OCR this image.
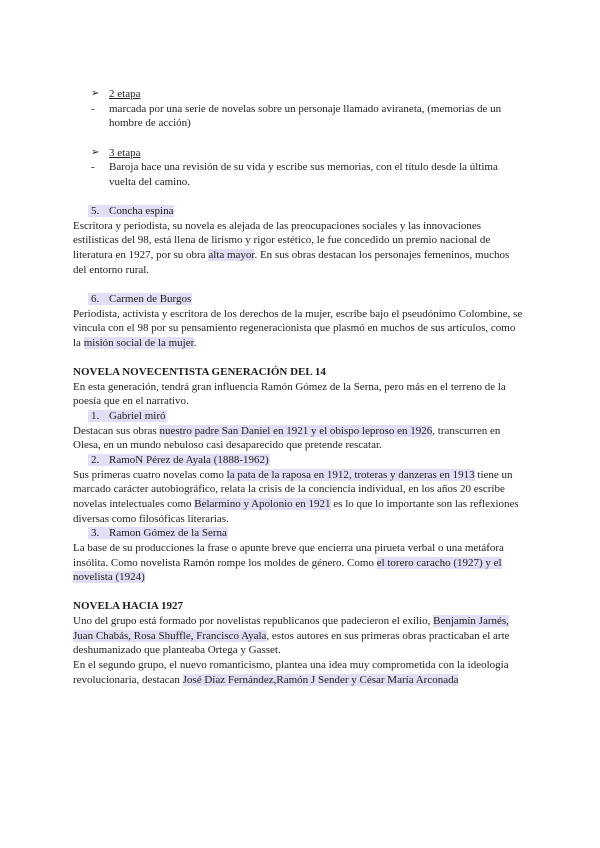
➢ 2 etapa
- marcada por una serie de novelas sobre un personaje llamado aviraneta, (memorias de un
hombre de acción)
➢ 3 etapa
- Baroja hace una revisión de su vida y escribe sus memorias, con el título desde la última
vuelta del camino.
5. Concha espina
Escritora y periodista, su novela es alejada de las preocupaciones sociales y las innovaciones
estilísticas del 98, está llena de lirismo y rigor estético, le fue concedido un premio nacional de
literatura en 1927, por su obra alta mayor. En sus obras destacan los personajes femeninos, muchos
del entorno rural.
6. Carmen de Burgos
Periodista, activista y escritora de los derechos de la mujer, escribe bajo el pseudónimo Colombine, se
vincula con el 98 por su pensamiento regeneracionista que plasmó en muchos de sus artículos, como
la misión social de la mujer.
NOVELA NOVECENTISTA GENERACIÓN DEL 14
En esta generación, tendrá gran influencia Ramón Gómez de la Serna, pero más en el terreno de la
poesía que en el narrativo.
1. Gabriel miró
Destacan sus obras nuestro padre San Daniel en 1921 y el obispo leproso en 1926, transcurren en
Olesa, en un mundo nebuloso casi desaparecido que pretende rescatar.
2. RamoN Pérez de Ayala (1888-1962)
Sus primeras cuatro novelas como la pata de la raposa en 1912, troteras y danzeras en 1913 tiene un
marcado carácter autobiográfico, relata la crisis de la conciencia individual, en los años 20 escribe
novelas intelectuales como Belarmino y Apolonio en 1921 es lo que lo importante son las reflexiones
diversas como filosóficas literarias.
3. Ramon Gómez de la Serna
La base de su producciones la frase o apunte breve que encierra una pirueta verbal o una metáfora
insólita. Como novelista Ramón rompe los moldes de género. Como el torero caracho (1927) y el
novelista (1924)
NOVELA HACIA 1927
Uno del grupo está formado por novelistas republicanos que padecieron el exilio, Benjamín Jarnés,
Juan Chabás, Rosa Shuffle, Francisco Ayala, estos autores en sus primeras obras practicaban el arte
deshumanizado que planteaba Ortega y Gasset.
En el segundo grupo, el nuevo romanticismo, plantea una idea muy comprometida con la ideología
revolucionaria, destacan José Díaz Fernández,Ramón J Sender y César María Arconada
